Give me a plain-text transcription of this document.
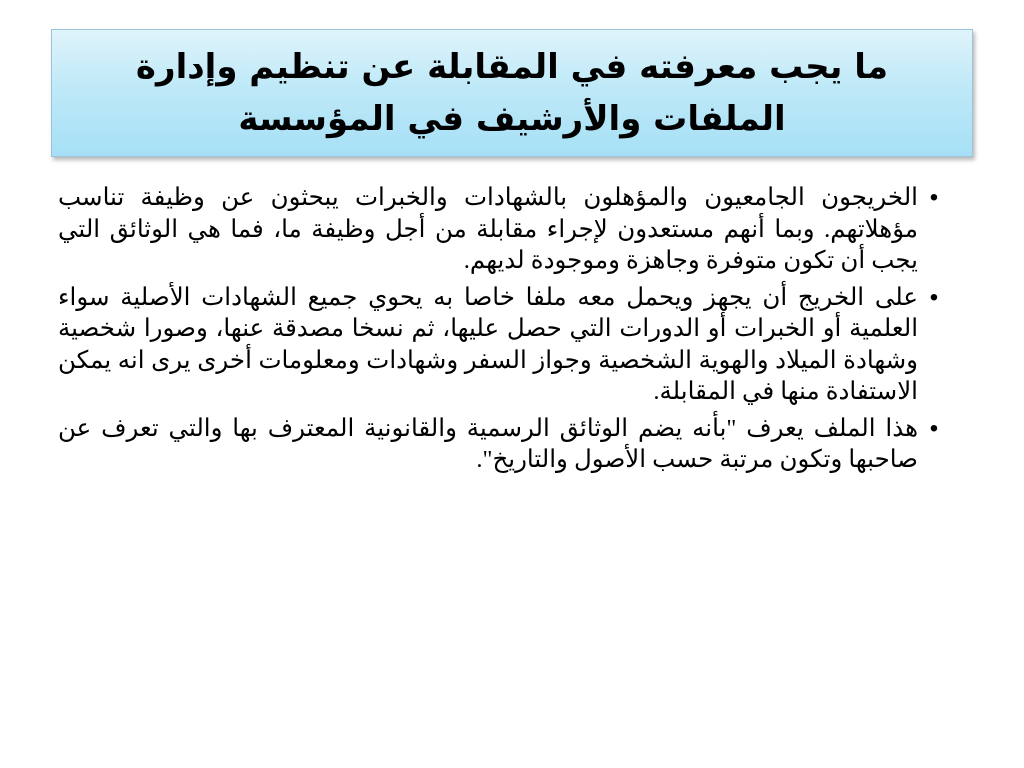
ما يجب معرفته في المقابلة عن تنظيم وإدارة الملفات والأرشيف في المؤسسة
•
الخريجون الجامعيون والمؤهلون بالشهادات والخبرات يبحثون عن وظيفة تناسب مؤهلاتهم. وبما أنهم مستعدون لإجراء مقابلة من أجل وظيفة ما، فما هي الوثائق التي يجب أن تكون متوفرة وجاهزة وموجودة لديهم.
•
على الخريج أن يجهز ويحمل معه ملفا خاصا به يحوي جميع الشهادات الأصلية سواء العلمية أو الخبرات أو الدورات التي حصل عليها، ثم نسخا مصدقة عنها، وصورا شخصية وشهادة الميلاد والهوية الشخصية وجواز السفر وشهادات ومعلومات أخرى يرى انه يمكن الاستفادة منها في المقابلة.
•
هذا الملف يعرف "بأنه يضم الوثائق الرسمية والقانونية المعترف بها والتي تعرف عن صاحبها وتكون مرتبة حسب الأصول والتاريخ".
